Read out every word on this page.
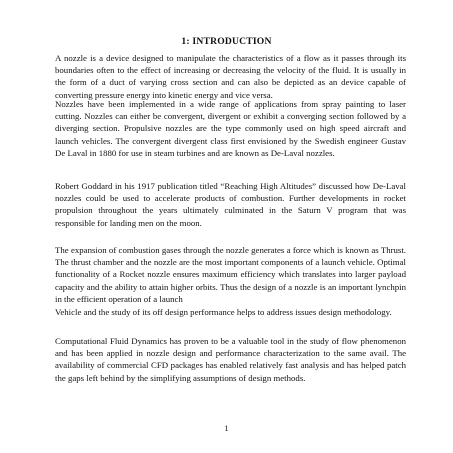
1: INTRODUCTION
A nozzle is a device designed to manipulate the characteristics of a flow as it passes through its boundaries often to the effect of increasing or decreasing the velocity of the fluid. It is usually in the form of a duct of varying cross section and can also be depicted as an device capable of converting pressure energy into kinetic energy and vice versa.
Nozzles have been implemented in a wide range of applications from spray painting to laser cutting. Nozzles can either be convergent, divergent or exhibit a converging section followed by a diverging section. Propulsive nozzles are the type commonly used on high speed aircraft and launch vehicles. The convergent divergent class first envisioned by the Swedish engineer Gustav De Laval in 1880 for use in steam turbines and are known as De-Laval nozzles.
Robert Goddard in his 1917 publication titled “Reaching High Altitudes” discussed how De-Laval nozzles could be used to accelerate products of combustion. Further developments in rocket propulsion throughout the years ultimately culminated in the Saturn V program that was responsible for landing men on the moon.
The expansion of combustion gases through the nozzle generates a force which is known as Thrust. The thrust chamber and the nozzle are the most important components of a launch vehicle. Optimal functionality of a Rocket nozzle ensures maximum efficiency which translates into larger payload capacity and the ability to attain higher orbits. Thus the design of a nozzle is an important lynchpin in the efficient operation of a launch
Vehicle and the study of its off design performance helps to address issues design methodology.
Computational Fluid Dynamics has proven to be a valuable tool in the study of flow phenomenon and has been applied in nozzle design and performance characterization to the same avail. The availability of commercial CFD packages has enabled relatively fast analysis and has helped patch the gaps left behind by the simplifying assumptions of design methods.
1
